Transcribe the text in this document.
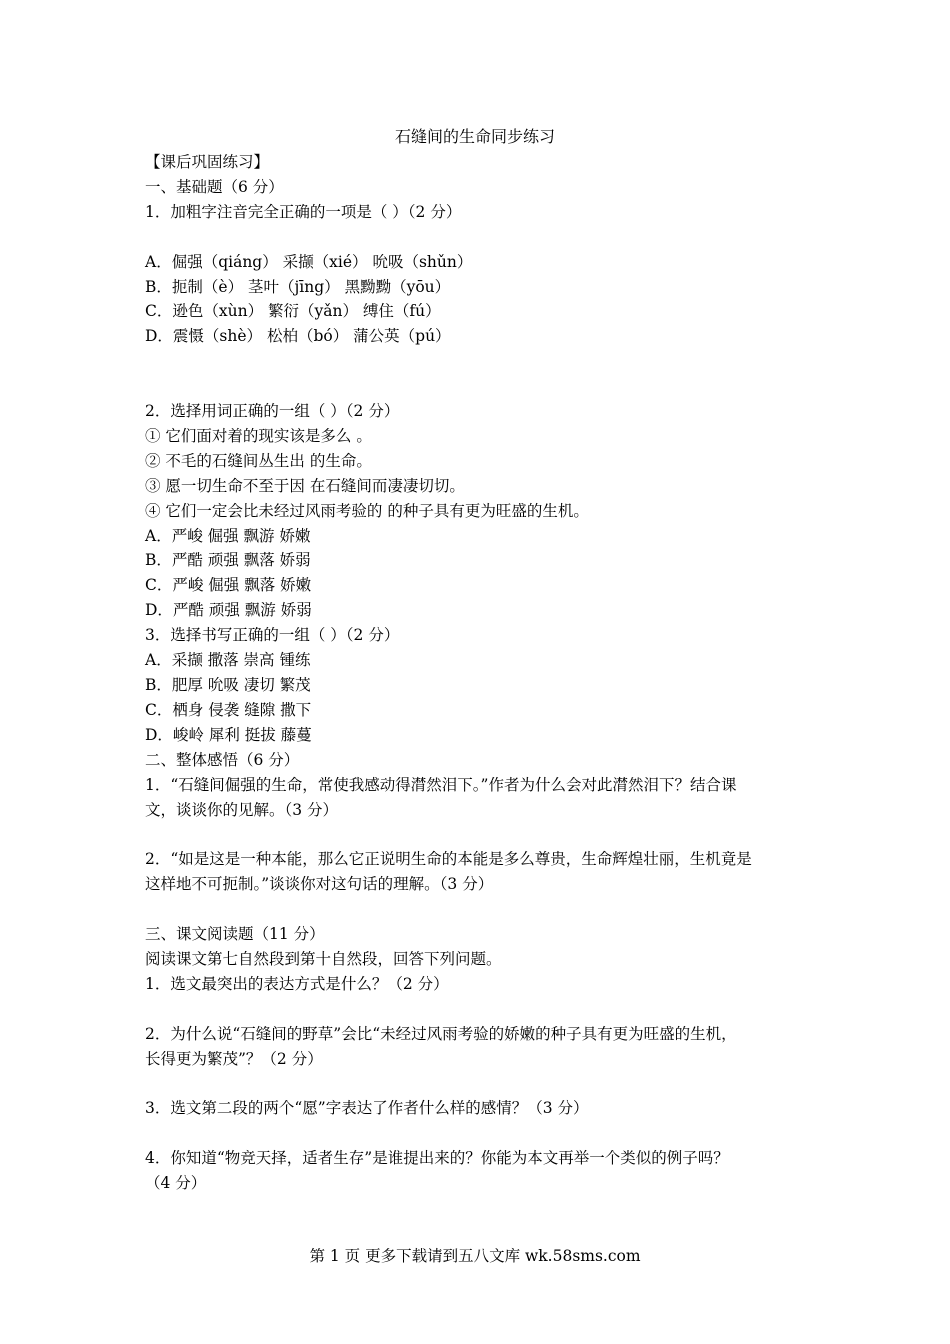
石缝间的生命同步练习

【课后巩固练习】

一、基础题（6 分）

1．加粗字注音完全正确的一项是（ ）（2 分）

A．倔强（qiáng） 采撷（xié） 吮吸（shǔn）

B．扼制（è） 茎叶（jīng） 黑黝黝（yōu）

C．逊色（xùn） 繁衍（yǎn） 缚住（fú）

D．震慑（shè） 松柏（bó） 蒲公英（pú）

2．选择用词正确的一组（ ）（2 分）

① 它们面对着的现实该是多么 。

② 不毛的石缝间丛生出 的生命。

③ 愿一切生命不至于因 在石缝间而凄凄切切。

④ 它们一定会比未经过风雨考验的 的种子具有更为旺盛的生机。

A．严峻 倔强 飘游 娇嫩

B．严酷 顽强 飘落 娇弱

C．严峻 倔强 飘落 娇嫩

D．严酷 顽强 飘游 娇弱

3．选择书写正确的一组（ ）（2 分）

A．采撷 撒落 崇高 锺练

B．肥厚 吮吸 凄切 繁茂

C．栖身 侵袭 缝隙 撒下

D．峻岭 犀利 挺拔 藤蔓

二、整体感悟（6 分）

1．“石缝间倔强的生命，常使我感动得潸然泪下。”作者为什么会对此潸然泪下？结合课

文，谈谈你的见解。（3 分）

2．“如是这是一种本能，那么它正说明生命的本能是多么尊贵，生命辉煌壮丽，生机竟是

这样地不可扼制。”谈谈你对这句话的理解。（3 分）

三、课文阅读题（11 分）

阅读课文第七自然段到第十自然段，回答下列问题。

1．选文最突出的表达方式是什么？（2 分）

2．为什么说“石缝间的野草”会比“未经过风雨考验的娇嫩的种子具有更为旺盛的生机，

长得更为繁茂”？（2 分）

3．选文第二段的两个“愿”字表达了作者什么样的感情？（3 分）

4．你知道“物竞天择，适者生存”是谁提出来的？你能为本文再举一个类似的例子吗？

（4 分）

第 1 页 更多下载请到五八文库 wk.58sms.com
